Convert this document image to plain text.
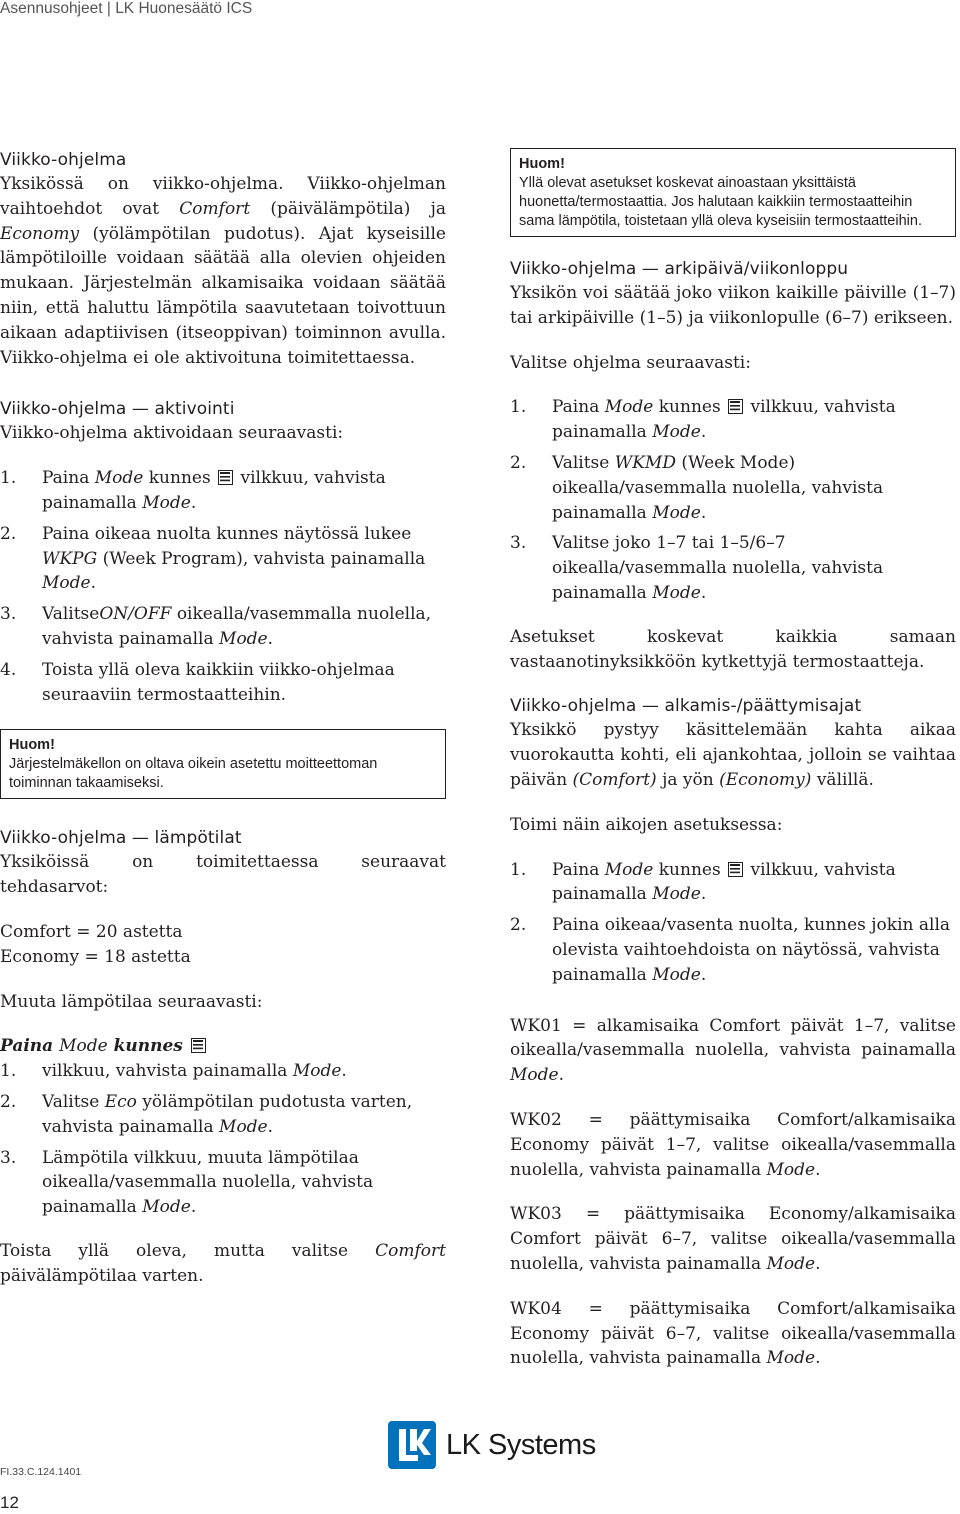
Asennusohjeet | LK Huonesäätö ICS
Viikko-ohjelma

Yksikössä on viikko-ohjelma. Viikko-ohjelman vaihtoehdot ovat Comfort (päivälämpötila) ja Economy (yölämpötilan pudotus). Ajat kyseisille lämpötiloille voidaan säätää alla olevien ohjeiden mukaan. Järjestelmän alkamisaika voidaan säätää niin, että haluttu lämpötila saavutetaan toivottuun aikaan adaptiivisen (itseoppivan) toiminnon avulla. Viikko-ohjelma ei ole aktivoituna toimitettaessa.

Viikko-ohjelma — aktivointi

Viikko-ohjelma aktivoidaan seuraavasti:

1.	Paina Mode kunnes
vilkkuu, vahvista painamalla Mode.
2.	Paina oikeaa nuolta kunnes näytössä lukee WKPG (Week Program), vahvista painamalla Mode.
3.	ValitseON/OFF oikealla/vasemmalla nuolella, vahvista painamalla Mode.
4.	Toista yllä oleva kaikkiin viikko-ohjelmaa seuraaviin termostaatteihin.
Huom!
Järjestelmäkellon on oltava oikein asetettu moitteettoman toiminnan takaamiseksi.
Viikko-ohjelma — lämpötilat

Yksiköissä on toimitettaessa seuraavat tehdasarvot:

Comfort = 20 astetta

Economy = 18 astetta

Muuta lämpötilaa seuraavasti:

Paina Mode kunnes

1.	vilkkuu, vahvista painamalla Mode.
2.	Valitse Eco yölämpötilan pudotusta varten, vahvista painamalla Mode.
3.	Lämpötila vilkkuu, muuta lämpötilaa oikealla/vasemmalla nuolella, vahvista painamalla Mode.

Toista yllä oleva, mutta valitse Comfort päivälämpötilaa varten.

Huom!
Yllä olevat asetukset koskevat ainoastaan yksittäistä huonetta/termostaattia. Jos halutaan kaikkiin termostaatteihin sama lämpötila, toistetaan yllä oleva kyseisiin termostaatteihin.
Viikko-ohjelma — arkipäivä/viikonloppu

Yksikön voi säätää joko viikon kaikille päiville (1–7) tai arkipäiville (1–5) ja viikonlopulle (6–7) erikseen.

Valitse ohjelma seuraavasti:

1.	Paina Mode kunnes
vilkkuu, vahvista painamalla Mode.
2.	Valitse WKMD (Week Mode) oikealla/vasemmalla nuolella, vahvista painamalla Mode.
3.	Valitse joko 1–7 tai 1–5/6–7 oikealla/vasemmalla nuolella, vahvista painamalla Mode.

Asetukset koskevat kaikkia samaan vastaanotinyksikköön kytkettyjä termostaatteja.

Viikko-ohjelma — alkamis-/päättymisajat

Yksikkö pystyy käsittelemään kahta aikaa vuorokautta kohti, eli ajankohtaa, jolloin se vaihtaa päivän (Comfort) ja yön (Economy) välillä.

Toimi näin aikojen asetuksessa:

1.	Paina Mode kunnes
vilkkuu, vahvista painamalla Mode.
2.	Paina oikeaa/vasenta nuolta, kunnes jokin alla olevista vaihtoehdoista on näytössä, vahvista painamalla Mode.

WK01 = alkamisaika Comfort päivät 1–7, valitse oikealla/vasemmalla nuolella, vahvista painamalla Mode.

WK02 = päättymisaika Comfort/alkamisaika Economy päivät 1–7, valitse oikealla/vasemmalla nuolella, vahvista painamalla Mode.

WK03 = päättymisaika Economy/alkamisaika Comfort päivät 6–7, valitse oikealla/vasemmalla nuolella, vahvista painamalla Mode.

WK04 = päättymisaika Comfort/alkamisaika Economy päivät 6–7, valitse oikealla/vasemmalla nuolella, vahvista painamalla Mode.

LK Systems
FI.33.C.124.1401
12
